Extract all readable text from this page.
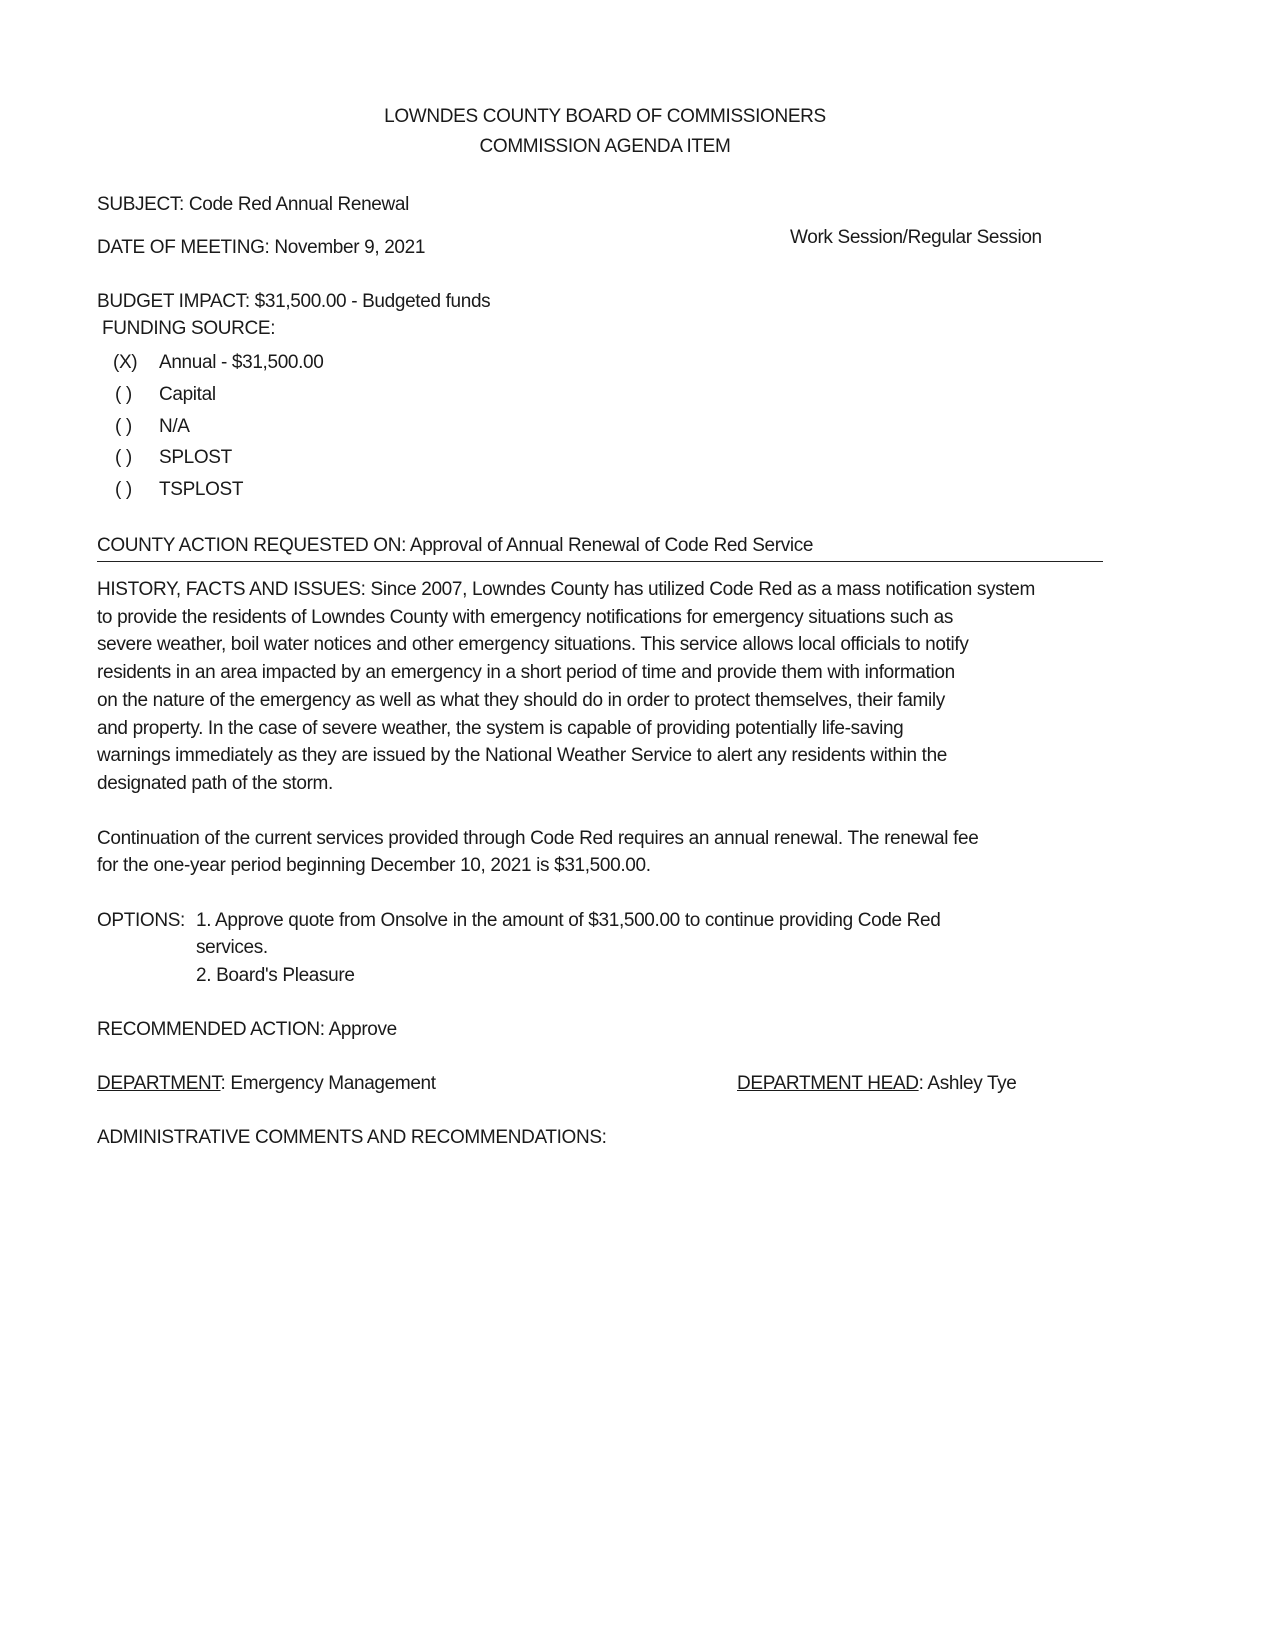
LOWNDES COUNTY BOARD OF COMMISSIONERS
COMMISSION AGENDA ITEM
SUBJECT: Code Red Annual Renewal
DATE OF MEETING: November 9, 2021	Work Session/Regular Session
BUDGET IMPACT: $31,500.00 - Budgeted funds
FUNDING SOURCE:
(X) Annual - $31,500.00
( ) Capital
( ) N/A
( ) SPLOST
( ) TSPLOST
COUNTY ACTION REQUESTED ON: Approval of Annual Renewal of Code Red Service
HISTORY, FACTS AND ISSUES: Since 2007, Lowndes County has utilized Code Red as a mass notification system
to provide the residents of Lowndes County with emergency notifications for emergency situations such as
severe weather, boil water notices and other emergency situations. This service allows local officials to notify
residents in an area impacted by an emergency in a short period of time and provide them with information
on the nature of the emergency as well as what they should do in order to protect themselves, their family
and property. In the case of severe weather, the system is capable of providing potentially life-saving
warnings immediately as they are issued by the National Weather Service to alert any residents within the
designated path of the storm.
Continuation of the current services provided through Code Red requires an annual renewal. The renewal fee
for the one-year period beginning December 10, 2021 is $31,500.00.
OPTIONS: 1. Approve quote from Onsolve in the amount of $31,500.00 to continue providing Code Red
services.
2. Board's Pleasure
RECOMMENDED ACTION: Approve
DEPARTMENT: Emergency Management	DEPARTMENT HEAD: Ashley Tye
ADMINISTRATIVE COMMENTS AND RECOMMENDATIONS:
